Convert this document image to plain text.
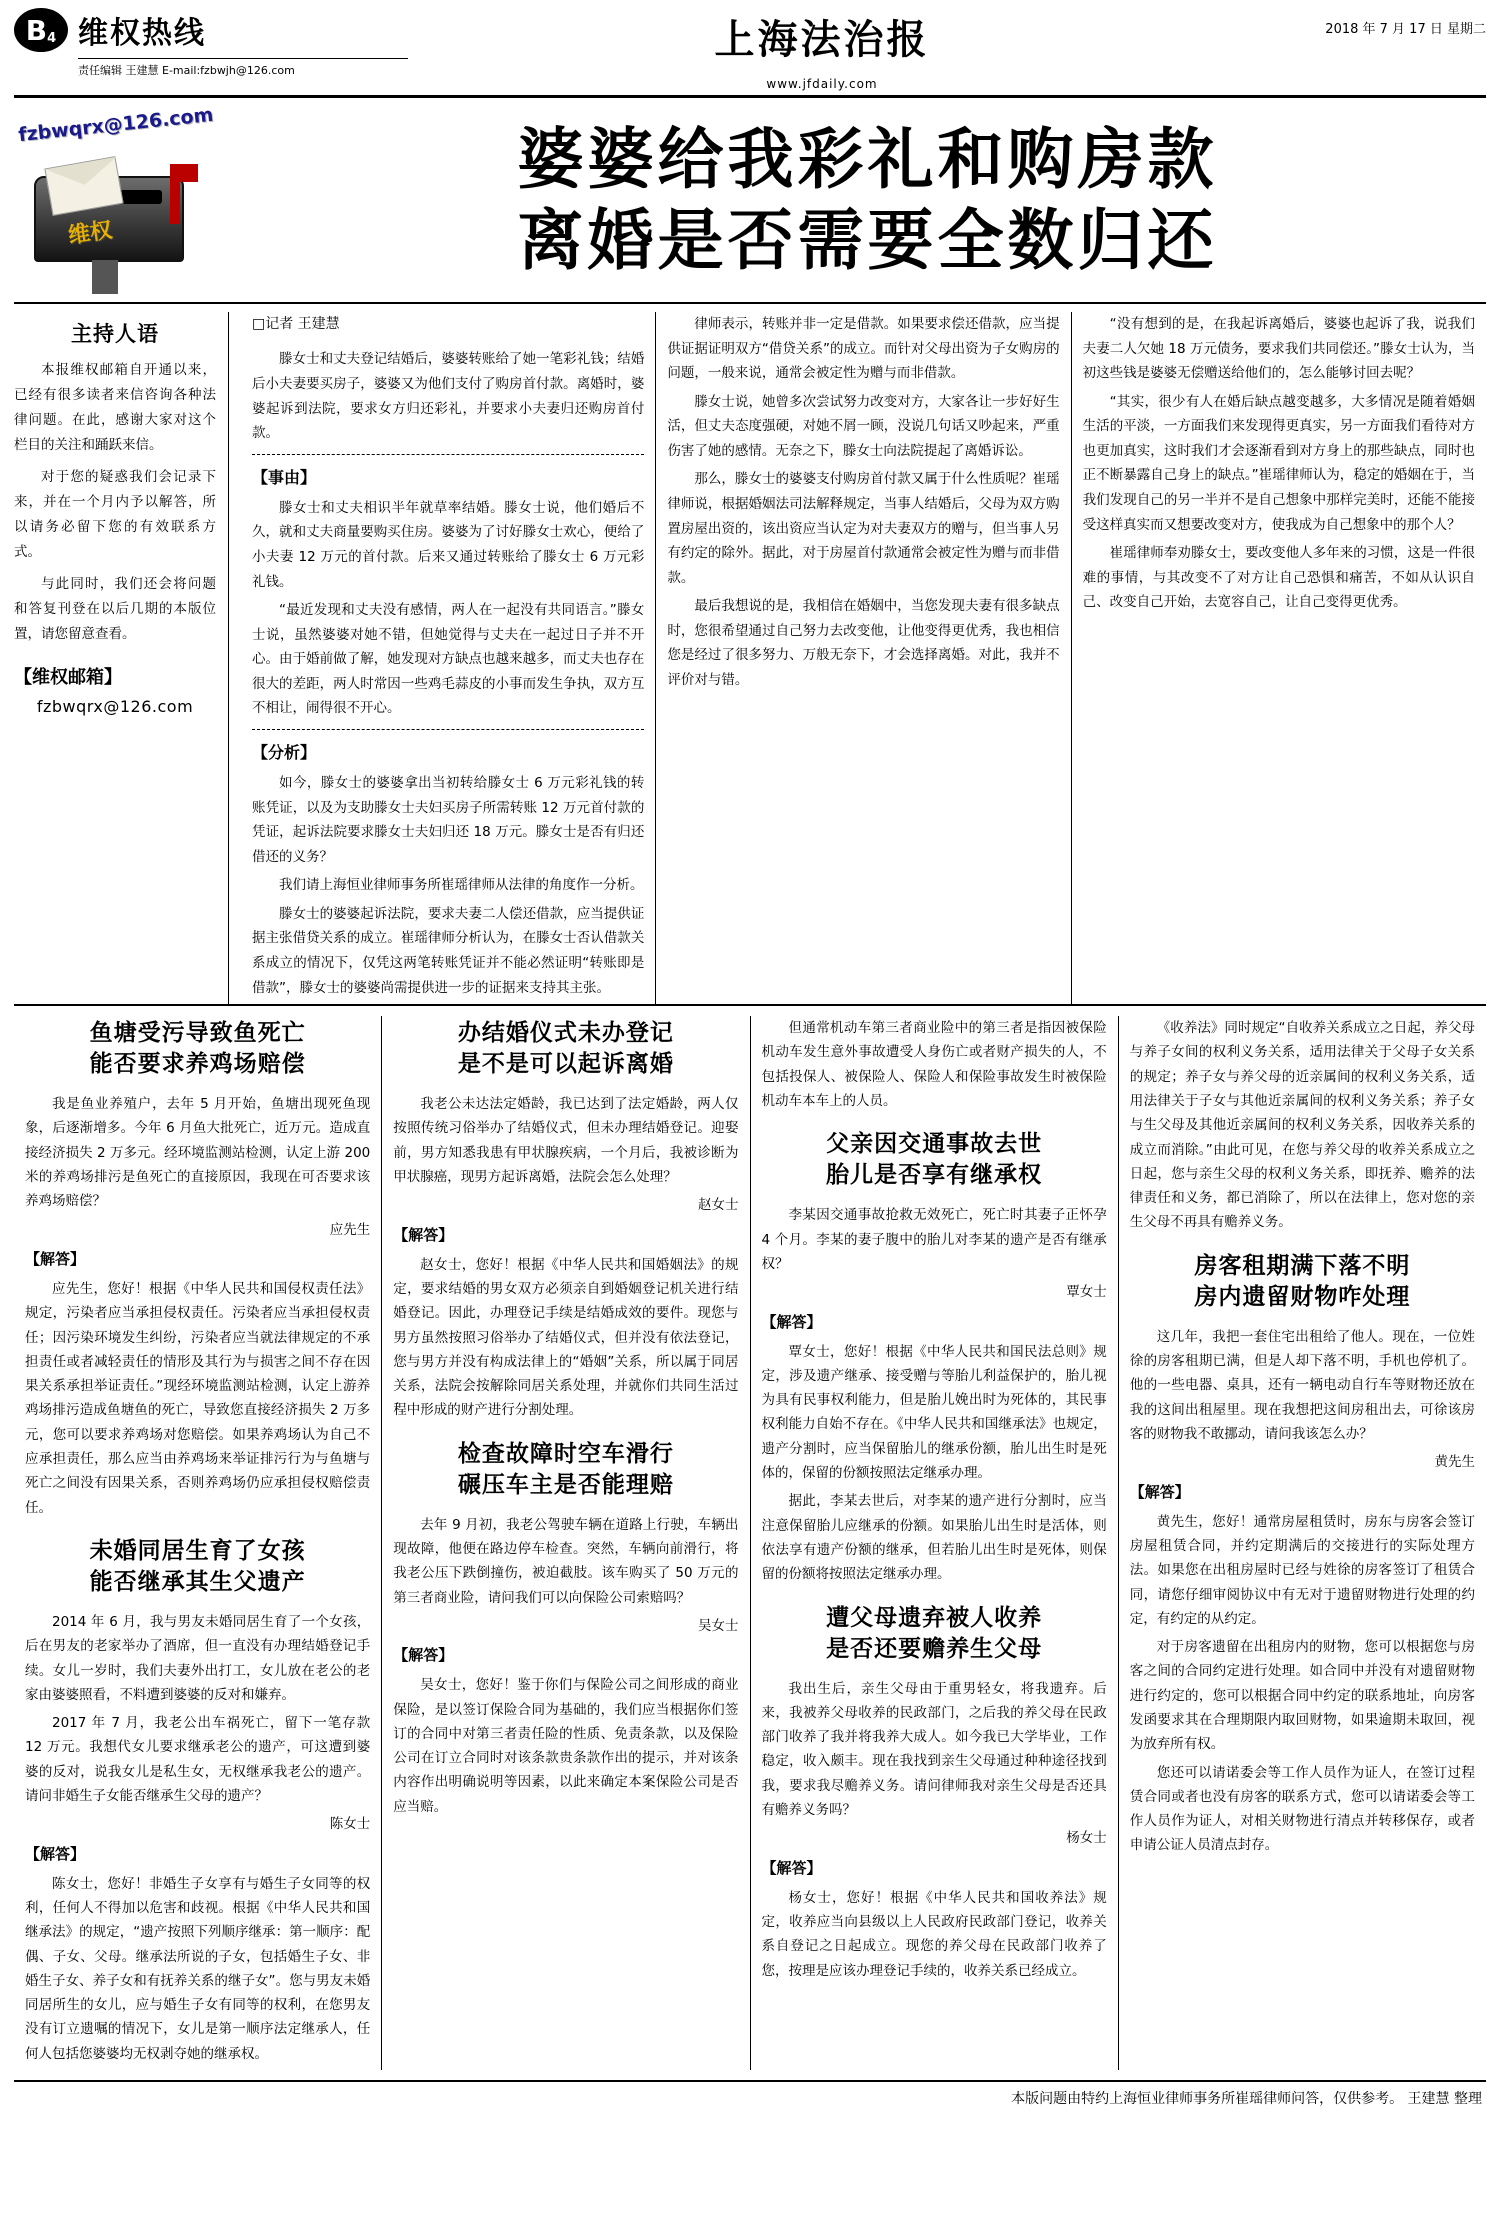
B 4 维权热线
责任编辑 王建慧 E-mail:fzbwjh@126.com
上海法治报
www.jfdaily.com
2018 年 7 月 17 日 星期二
fzbwqrx@126.com
维权
婆婆给我彩礼和购房款
离婚是否需要全数归还
主持人语

本报维权邮箱自开通以来，已经有很多读者来信咨询各种法律问题。在此，感谢大家对这个栏目的关注和踊跃来信。

对于您的疑惑我们会记录下来，并在一个月内予以解答，所以请务必留下您的有效联系方式。

与此同时，我们还会将问题和答复刊登在以后几期的本版位置，请您留意查看。

【维权邮箱】
fzbwqrx@126.com

□记者 王建慧

滕女士和丈夫登记结婚后，婆婆转账给了她一笔彩礼钱；结婚后小夫妻要买房子，婆婆又为他们支付了购房首付款。离婚时，婆婆起诉到法院，要求女方归还彩礼，并要求小夫妻归还购房首付款。

【事由】

滕女士和丈夫相识半年就草率结婚。滕女士说，他们婚后不久，就和丈夫商量要购买住房。婆婆为了讨好滕女士欢心，便给了小夫妻 12 万元的首付款。后来又通过转账给了滕女士 6 万元彩礼钱。

“最近发现和丈夫没有感情，两人在一起没有共同语言。”滕女士说，虽然婆婆对她不错，但她觉得与丈夫在一起过日子并不开心。由于婚前做了解，她发现对方缺点也越来越多，而丈夫也存在很大的差距，两人时常因一些鸡毛蒜皮的小事而发生争执，双方互不相让，闹得很不开心。

【分析】

如今，滕女士的婆婆拿出当初转给滕女士 6 万元彩礼钱的转账凭证，以及为支助滕女士夫妇买房子所需转账 12 万元首付款的凭证，起诉法院要求滕女士夫妇归还 18 万元。滕女士是否有归还借还的义务？

我们请上海恒业律师事务所崔瑶律师从法律的角度作一分析。

滕女士的婆婆起诉法院，要求夫妻二人偿还借款，应当提供证据主张借贷关系的成立。崔瑶律师分析认为，在滕女士否认借款关系成立的情况下，仅凭这两笔转账凭证并不能必然证明“转账即是借款”，滕女士的婆婆尚需提供进一步的证据来支持其主张。

律师表示，转账并非一定是借款。如果要求偿还借款，应当提供证据证明双方“借贷关系”的成立。而针对父母出资为子女购房的问题，一般来说，通常会被定性为赠与而非借款。

滕女士说，她曾多次尝试努力改变对方，大家各让一步好好生活，但丈夫态度强硬，对她不屑一顾，没说几句话又吵起来，严重伤害了她的感情。无奈之下，滕女士向法院提起了离婚诉讼。

那么，滕女士的婆婆支付购房首付款又属于什么性质呢？崔瑶律师说，根据婚姻法司法解释规定，当事人结婚后，父母为双方购置房屋出资的，该出资应当认定为对夫妻双方的赠与，但当事人另有约定的除外。据此，对于房屋首付款通常会被定性为赠与而非借款。

最后我想说的是，我相信在婚姻中，当您发现夫妻有很多缺点时，您很希望通过自己努力去改变他，让他变得更优秀，我也相信您是经过了很多努力、万般无奈下，才会选择离婚。对此，我并不评价对与错。

“没有想到的是，在我起诉离婚后，婆婆也起诉了我，说我们夫妻二人欠她 18 万元债务，要求我们共同偿还。”滕女士认为，当初这些钱是婆婆无偿赠送给他们的，怎么能够讨回去呢？

“其实，很少有人在婚后缺点越变越多，大多情况是随着婚姻生活的平淡，一方面我们来发现得更真实，另一方面我们看待对方也更加真实，这时我们才会逐渐看到对方身上的那些缺点，同时也正不断暴露自己身上的缺点。”崔瑶律师认为，稳定的婚姻在于，当我们发现自己的另一半并不是自己想象中那样完美时，还能不能接受这样真实而又想要改变对方，使我成为自己想象中的那个人？

崔瑶律师奉劝滕女士，要改变他人多年来的习惯，这是一件很难的事情，与其改变不了对方让自己恐惧和痛苦，不如从认识自己、改变自己开始，去宽容自己，让自己变得更优秀。

鱼塘受污导致鱼死亡
能否要求养鸡场赔偿

我是鱼业养殖户，去年 5 月开始，鱼塘出现死鱼现象，后逐渐增多。今年 6 月鱼大批死亡，近万元。造成直接经济损失 2 万多元。经环境监测站检测，认定上游 200 米的养鸡场排污是鱼死亡的直接原因，我现在可否要求该养鸡场赔偿？

应先生

【解答】

应先生，您好！根据《中华人民共和国侵权责任法》规定，污染者应当承担侵权责任。污染者应当承担侵权责任；因污染环境发生纠纷，污染者应当就法律规定的不承担责任或者减轻责任的情形及其行为与损害之间不存在因果关系承担举证责任。”现经环境监测站检测，认定上游养鸡场排污造成鱼塘鱼的死亡，导致您直接经济损失 2 万多元，您可以要求养鸡场对您赔偿。如果养鸡场认为自己不应承担责任，那么应当由养鸡场来举证排污行为与鱼塘与死亡之间没有因果关系，否则养鸡场仍应承担侵权赔偿责任。

未婚同居生育了女孩
能否继承其生父遗产

2014 年 6 月，我与男友未婚同居生育了一个女孩，后在男友的老家举办了酒席，但一直没有办理结婚登记手续。女儿一岁时，我们夫妻外出打工，女儿放在老公的老家由婆婆照看，不料遭到婆婆的反对和嫌弃。

2017 年 7 月，我老公出车祸死亡，留下一笔存款 12 万元。我想代女儿要求继承老公的遗产，可这遭到婆婆的反对，说我女儿是私生女，无权继承我老公的遗产。请问非婚生子女能否继承生父母的遗产？

陈女士

【解答】

陈女士，您好！非婚生子女享有与婚生子女同等的权利，任何人不得加以危害和歧视。根据《中华人民共和国继承法》的规定，“遗产按照下列顺序继承：第一顺序：配偶、子女、父母。继承法所说的子女，包括婚生子女、非婚生子女、养子女和有抚养关系的继子女”。您与男友未婚同居所生的女儿，应与婚生子女有同等的权利，在您男友没有订立遗嘱的情况下，女儿是第一顺序法定继承人，任何人包括您婆婆均无权剥夺她的继承权。

办结婚仪式未办登记
是不是可以起诉离婚

我老公未达法定婚龄，我已达到了法定婚龄，两人仅按照传统习俗举办了结婚仪式，但未办理结婚登记。迎娶前，男方知悉我患有甲状腺疾病，一个月后，我被诊断为甲状腺癌，现男方起诉离婚，法院会怎么处理？

赵女士

【解答】

赵女士，您好！根据《中华人民共和国婚姻法》的规定，要求结婚的男女双方必须亲自到婚姻登记机关进行结婚登记。因此，办理登记手续是结婚成效的要件。现您与男方虽然按照习俗举办了结婚仪式，但并没有依法登记，您与男方并没有构成法律上的“婚姻”关系，所以属于同居关系，法院会按解除同居关系处理，并就你们共同生活过程中形成的财产进行分割处理。

检查故障时空车滑行
碾压车主是否能理赔

去年 9 月初，我老公驾驶车辆在道路上行驶，车辆出现故障，他便在路边停车检查。突然，车辆向前滑行，将我老公压下跌倒撞伤，被迫截肢。该车购买了 50 万元的第三者商业险，请问我们可以向保险公司索赔吗？

吴女士

【解答】

吴女士，您好！鉴于你们与保险公司之间形成的商业保险，是以签订保险合同为基础的，我们应当根据你们签订的合同中对第三者责任险的性质、免责条款，以及保险公司在订立合同时对该条款贵条款作出的提示，并对该条内容作出明确说明等因素，以此来确定本案保险公司是否应当赔。

但通常机动车第三者商业险中的第三者是指因被保险机动车发生意外事故遭受人身伤亡或者财产损失的人，不包括投保人、被保险人、保险人和保险事故发生时被保险机动车本车上的人员。

父亲因交通事故去世
胎儿是否享有继承权

李某因交通事故抢救无效死亡，死亡时其妻子正怀孕 4 个月。李某的妻子腹中的胎儿对李某的遗产是否有继承权？

覃女士

【解答】

覃女士，您好！根据《中华人民共和国民法总则》规定，涉及遗产继承、接受赠与等胎儿利益保护的，胎儿视为具有民事权利能力，但是胎儿娩出时为死体的，其民事权利能力自始不存在。《中华人民共和国继承法》也规定，遗产分割时，应当保留胎儿的继承份额，胎儿出生时是死体的，保留的份额按照法定继承办理。

据此，李某去世后，对李某的遗产进行分割时，应当注意保留胎儿应继承的份额。如果胎儿出生时是活体，则依法享有遗产份额的继承，但若胎儿出生时是死体，则保留的份额将按照法定继承办理。

遭父母遗弃被人收养
是否还要赡养生父母

我出生后，亲生父母由于重男轻女，将我遗弃。后来，我被养父母收养的民政部门，之后我的养父母在民政部门收养了我并将我养大成人。如今我已大学毕业，工作稳定，收入颇丰。现在我找到亲生父母通过种种途径找到我，要求我尽赡养义务。请问律师我对亲生父母是否还具有赡养义务吗？

杨女士

【解答】

杨女士，您好！根据《中华人民共和国收养法》规定，收养应当向县级以上人民政府民政部门登记，收养关系自登记之日起成立。现您的养父母在民政部门收养了您，按理是应该办理登记手续的，收养关系已经成立。

《收养法》同时规定“自收养关系成立之日起，养父母与养子女间的权利义务关系，适用法律关于父母子女关系的规定；养子女与养父母的近亲属间的权利义务关系，适用法律关于子女与其他近亲属间的权利义务关系；养子女与生父母及其他近亲属间的权利义务关系，因收养关系的成立而消除。”由此可见，在您与养父母的收养关系成立之日起，您与亲生父母的权利义务关系，即抚养、赡养的法律责任和义务，都已消除了，所以在法律上，您对您的亲生父母不再具有赡养义务。

房客租期满下落不明
房内遗留财物咋处理

这几年，我把一套住宅出租给了他人。现在，一位姓徐的房客租期已满，但是人却下落不明，手机也停机了。他的一些电器、桌具，还有一辆电动自行车等财物还放在我的这间出租屋里。现在我想把这间房租出去，可徐该房客的财物我不敢挪动，请问我该怎么办？

黄先生

【解答】

黄先生，您好！通常房屋租赁时，房东与房客会签订房屋租赁合同，并约定期满后的交接进行的实际处理方法。如果您在出租房屋时已经与姓徐的房客签订了租赁合同，请您仔细审阅协议中有无对于遗留财物进行处理的约定，有约定的从约定。

对于房客遗留在出租房内的财物，您可以根据您与房客之间的合同约定进行处理。如合同中并没有对遗留财物进行约定的，您可以根据合同中约定的联系地址，向房客发函要求其在合理期限内取回财物，如果逾期未取回，视为放弃所有权。

您还可以请诺委会等工作人员作为证人，在签订过程赁合同或者也没有房客的联系方式，您可以请诺委会等工作人员作为证人，对相关财物进行清点并转移保存，或者申请公证人员清点封存。

本版问题由特约上海恒业律师事务所崔瑶律师问答，仅供参考。 王建慧 整理
